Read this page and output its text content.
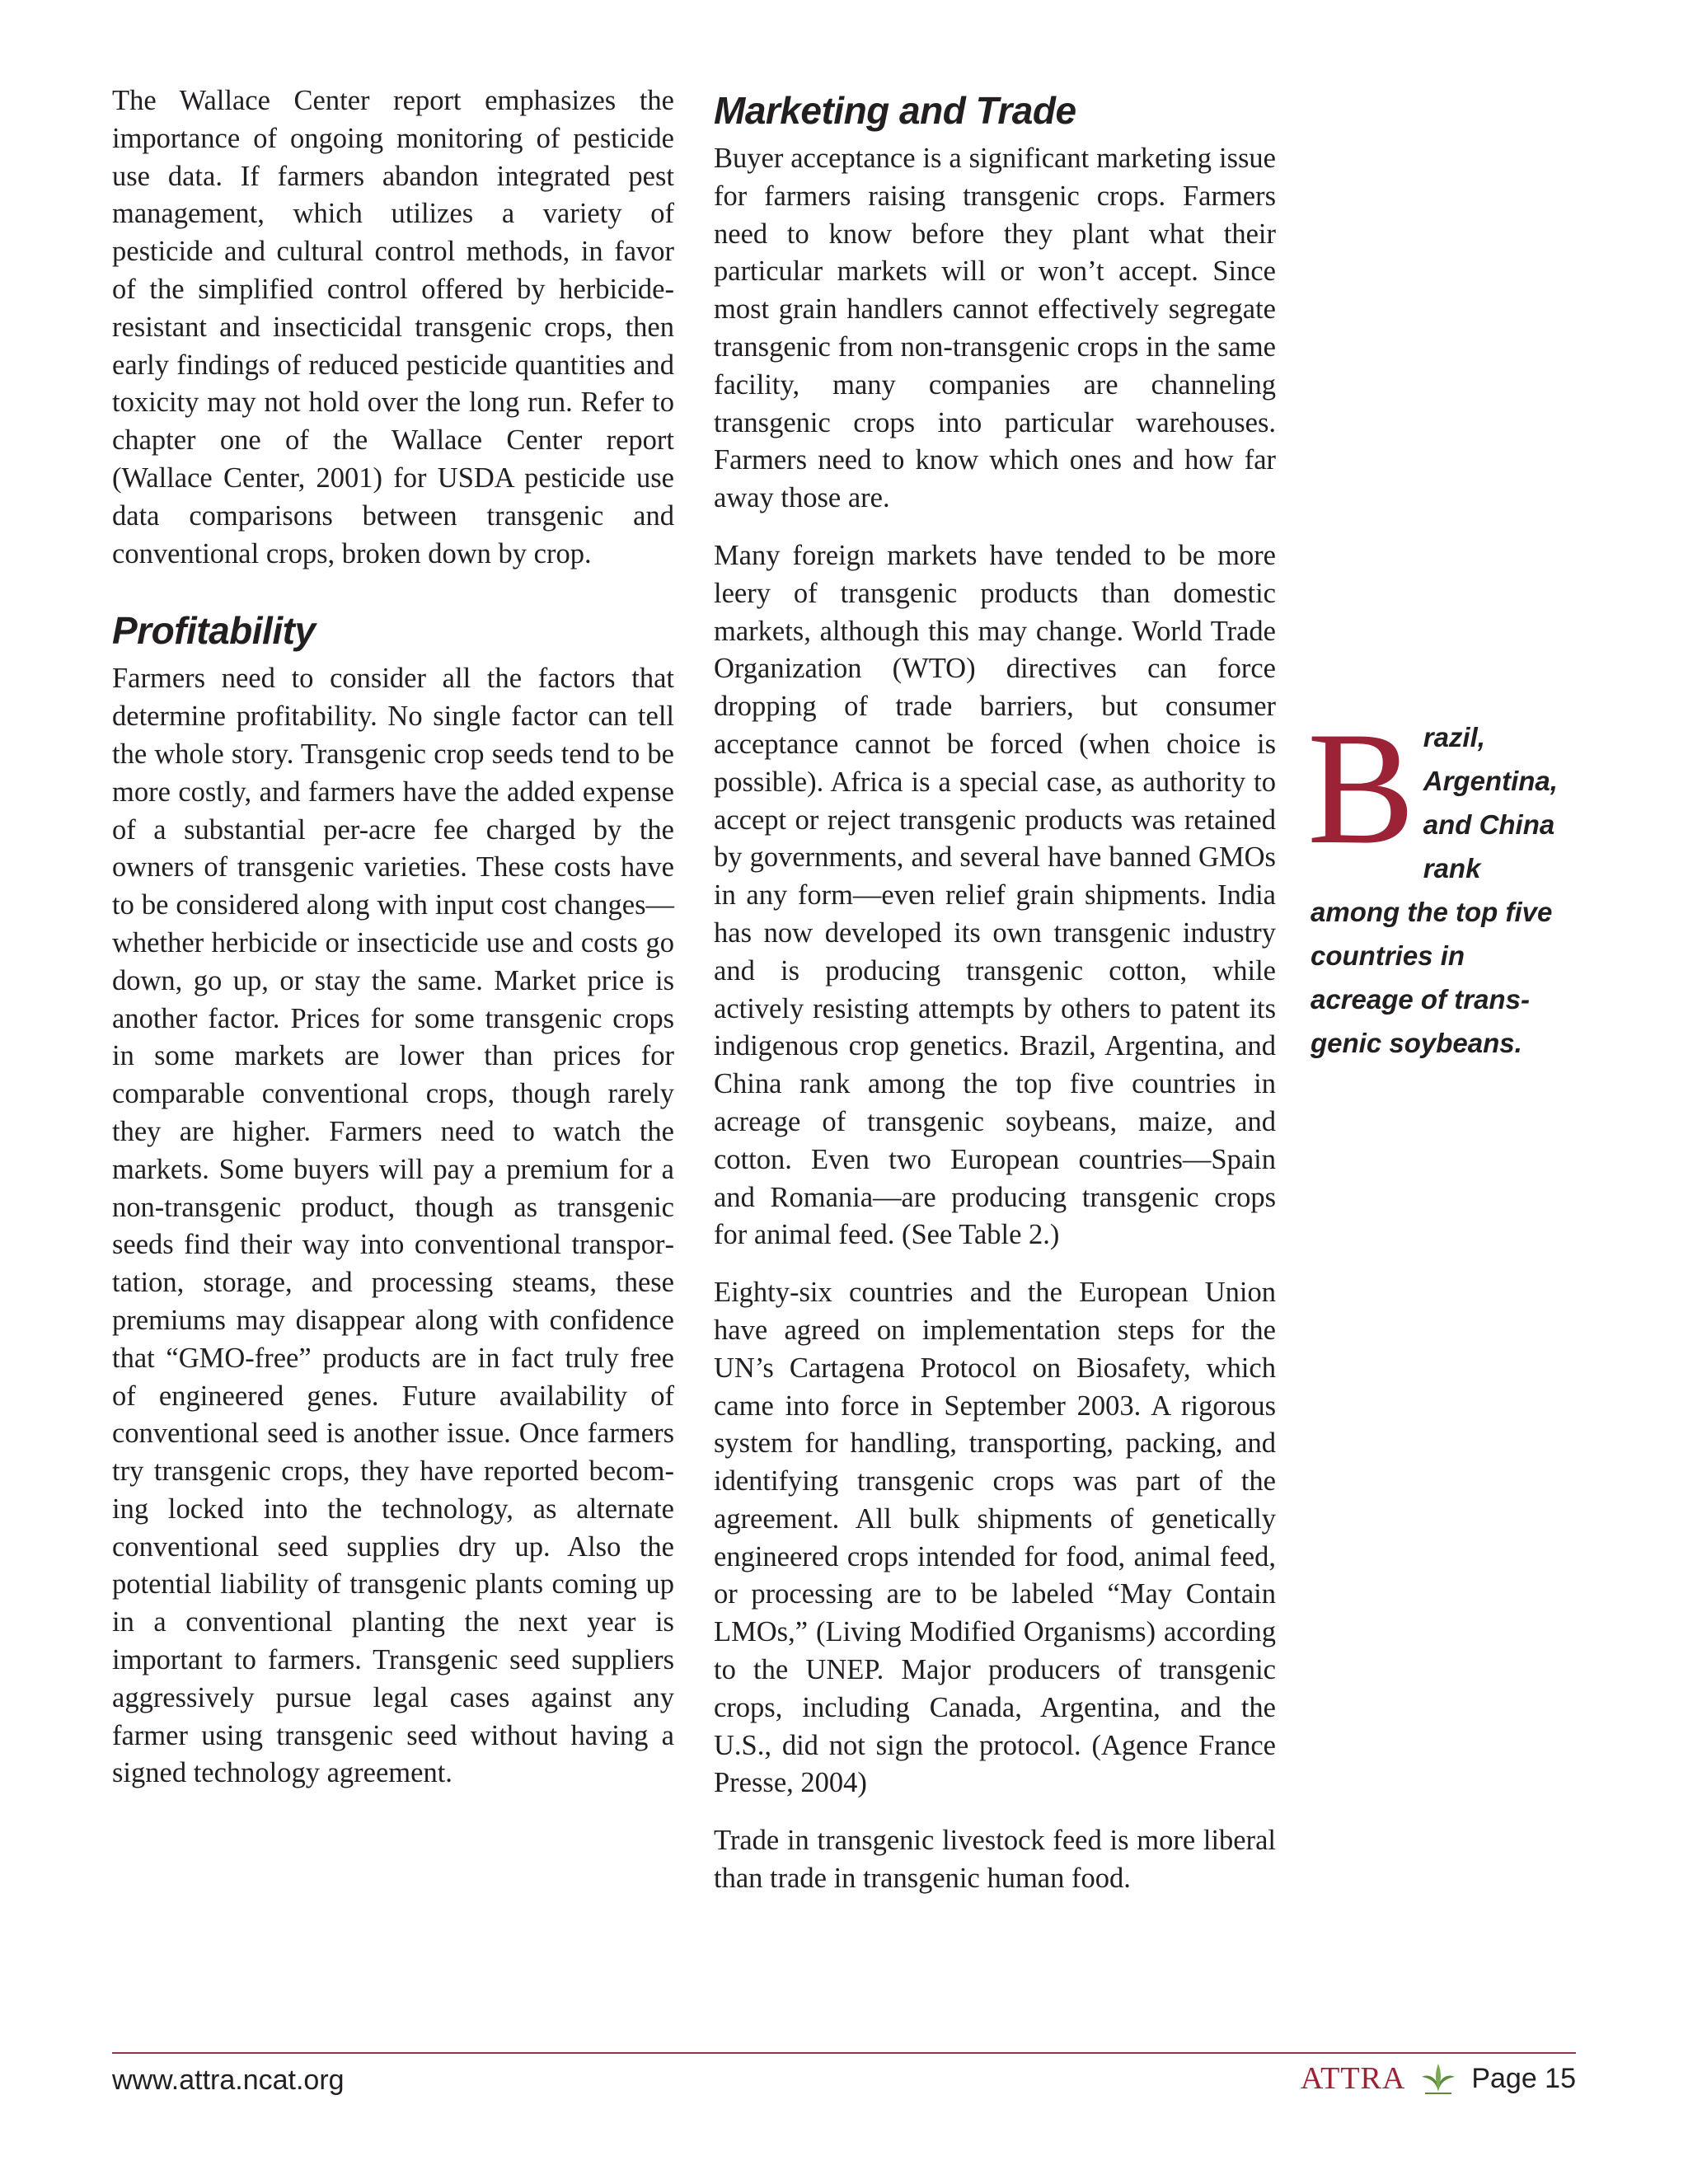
The Wallace Center report emphasizes the importance of ongoing monitoring of pesticide use data. If farmers abandon integrated pest management, which utilizes a variety of pesticide and cultural control methods, in favor of the simplified control offered by herbicide-resistant and insecticidal transgenic crops, then early findings of reduced pesticide quantities and toxicity may not hold over the long run. Refer to chapter one of the Wallace Center report (Wallace Center, 2001) for USDA pesticide use data comparisons between transgenic and conventional crops, broken down by crop.

Profitability

Farmers need to consider all the factors that determine profitability. No single factor can tell the whole story. Transgenic crop seeds tend to be more costly, and farmers have the added expense of a substantial per-acre fee charged by the owners of transgenic varieties. These costs have to be considered along with input cost changes—whether herbicide or insecticide use and costs go down, go up, or stay the same. Market price is another factor. Prices for some transgenic crops in some markets are lower than prices for comparable conventional crops, though rarely they are higher. Farmers need to watch the markets. Some buyers will pay a premium for a non-transgenic product, though as transgenic seeds find their way into conventional transportation, storage, and processing steams, these premiums may disappear along with confidence that “GMO-free” products are in fact truly free of engineered genes. Future availability of conventional seed is another issue. Once farmers try transgenic crops, they have reported becoming locked into the technology, as alternate conventional seed supplies dry up. Also the potential liability of transgenic plants coming up in a conventional planting the next year is important to farmers. Transgenic seed suppliers aggressively pursue legal cases against any farmer using transgenic seed without having a signed technology agreement.

Marketing and Trade

Buyer acceptance is a significant marketing issue for farmers raising transgenic crops. Farmers need to know before they plant what their particular markets will or won’t accept. Since most grain handlers cannot effectively segregate transgenic from non-transgenic crops in the same facility, many companies are channeling transgenic crops into particular warehouses. Farmers need to know which ones and how far away those are.

Many foreign markets have tended to be more leery of transgenic products than domestic markets, although this may change. World Trade Organization (WTO) directives can force dropping of trade barriers, but consumer acceptance cannot be forced (when choice is possible). Africa is a special case, as authority to accept or reject transgenic products was retained by governments, and several have banned GMOs in any form—even relief grain shipments. India has now developed its own transgenic industry and is producing transgenic cotton, while actively resisting attempts by others to patent its indigenous crop genetics. Brazil, Argentina, and China rank among the top five countries in acreage of transgenic soybeans, maize, and cotton. Even two European countries—Spain and Romania—are producing transgenic crops for animal feed. (See Table 2.)

Eighty-six countries and the European Union have agreed on implementation steps for the UN’s Cartagena Protocol on Biosafety, which came into force in September 2003. A rigorous system for handling, transporting, packing, and identifying transgenic crops was part of the agreement. All bulk shipments of genetically engineered crops intended for food, animal feed, or processing are to be labeled “May Contain LMOs,” (Living Modified Organisms) according to the UNEP. Major producers of transgenic crops, including Canada, Argentina, and the U.S., did not sign the protocol. (Agence France Presse, 2004)

Trade in transgenic livestock feed is more liberal than trade in transgenic human food.

Brazil, Argentina, and China rank among the top five countries in acreage of transgenic soybeans.
www.attra.ncat.org	ATTRA Page 15
